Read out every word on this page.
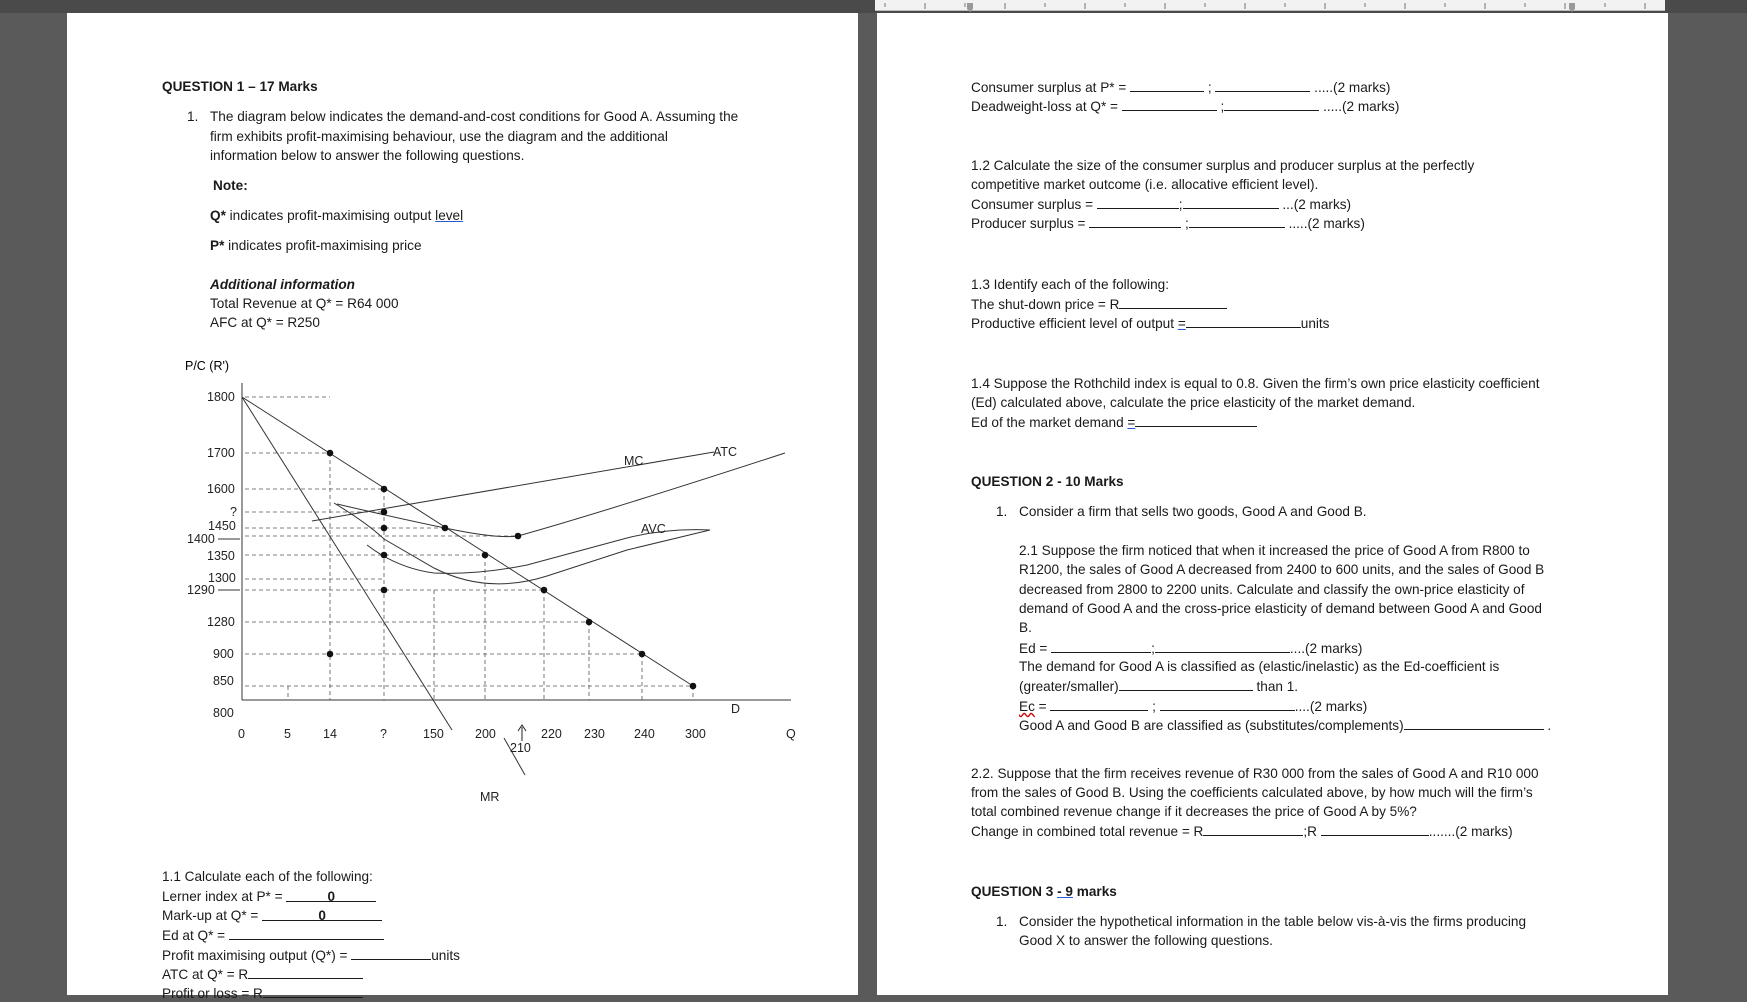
QUESTION 1 – 17 Marks
1. The diagram below indicates the demand-and-cost conditions for Good A. Assuming the
firm exhibits profit-maximising behaviour, use the diagram and the additional
information below to answer the following questions.
Note:
Q* indicates profit-maximising output level
P* indicates profit-maximising price
Additional information
Total Revenue at Q* = R64 000
AFC at Q* = R250
P/C (R')
1800
1700
1600
?
1450
1400
1350
1300
1290
1280
900
850
800
0	5	14	?	150 200
210
220 230 240 300	Q
MC
ATC
AVC
D
MR
1.1 Calculate each of the following:
Lerner index at P* =	0
Mark-up at Q* =	0
Ed at Q* =
Profit maximising output (Q*) =	units
ATC at Q* = R
Profit or loss = R
Consumer surplus at P* =	;	.....(2 marks)
Deadweight-loss at Q* =	;	.....(2 marks)
1.2 Calculate the size of the consumer surplus and producer surplus at the perfectly
competitive market outcome (i.e. allocative efficient level).
Consumer surplus =	;	...(2 marks)
Producer surplus =	;	.....(2 marks)
1.3 Identify each of the following:
The shut-down price = R
Productive efficient level of output =	units
1.4 Suppose the Rothchild index is equal to 0.8. Given the firm’s own price elasticity coefficient
(Ed) calculated above, calculate the price elasticity of the market demand.
Ed of the market demand =
QUESTION 2 - 10 Marks
1. Consider a firm that sells two goods, Good A and Good B.
2.1 Suppose the firm noticed that when it increased the price of Good A from R800 to
R1200, the sales of Good A decreased from 2400 to 600 units, and the sales of Good B
decreased from 2800 to 2200 units. Calculate and classify the own-price elasticity of
demand of Good A and the cross-price elasticity of demand between Good A and Good
B.
Ed =	;	....(2 marks)
The demand for Good A is classified as (elastic/inelastic) as the Ed-coefficient is
(greater/smaller)	than 1.
Ec =	;	....(2 marks)
Good A and Good B are classified as (substitutes/complements)	.
2.2. Suppose that the firm receives revenue of R30 000 from the sales of Good A and R10 000
from the sales of Good B. Using the coefficients calculated above, by how much will the firm’s
total combined revenue change if it decreases the price of Good A by 5%?
Change in combined total revenue = R	;R	.......(2 marks)
QUESTION 3 - 9 marks
1. Consider the hypothetical information in the table below vis-à-vis the firms producing
Good X to answer the following questions.
